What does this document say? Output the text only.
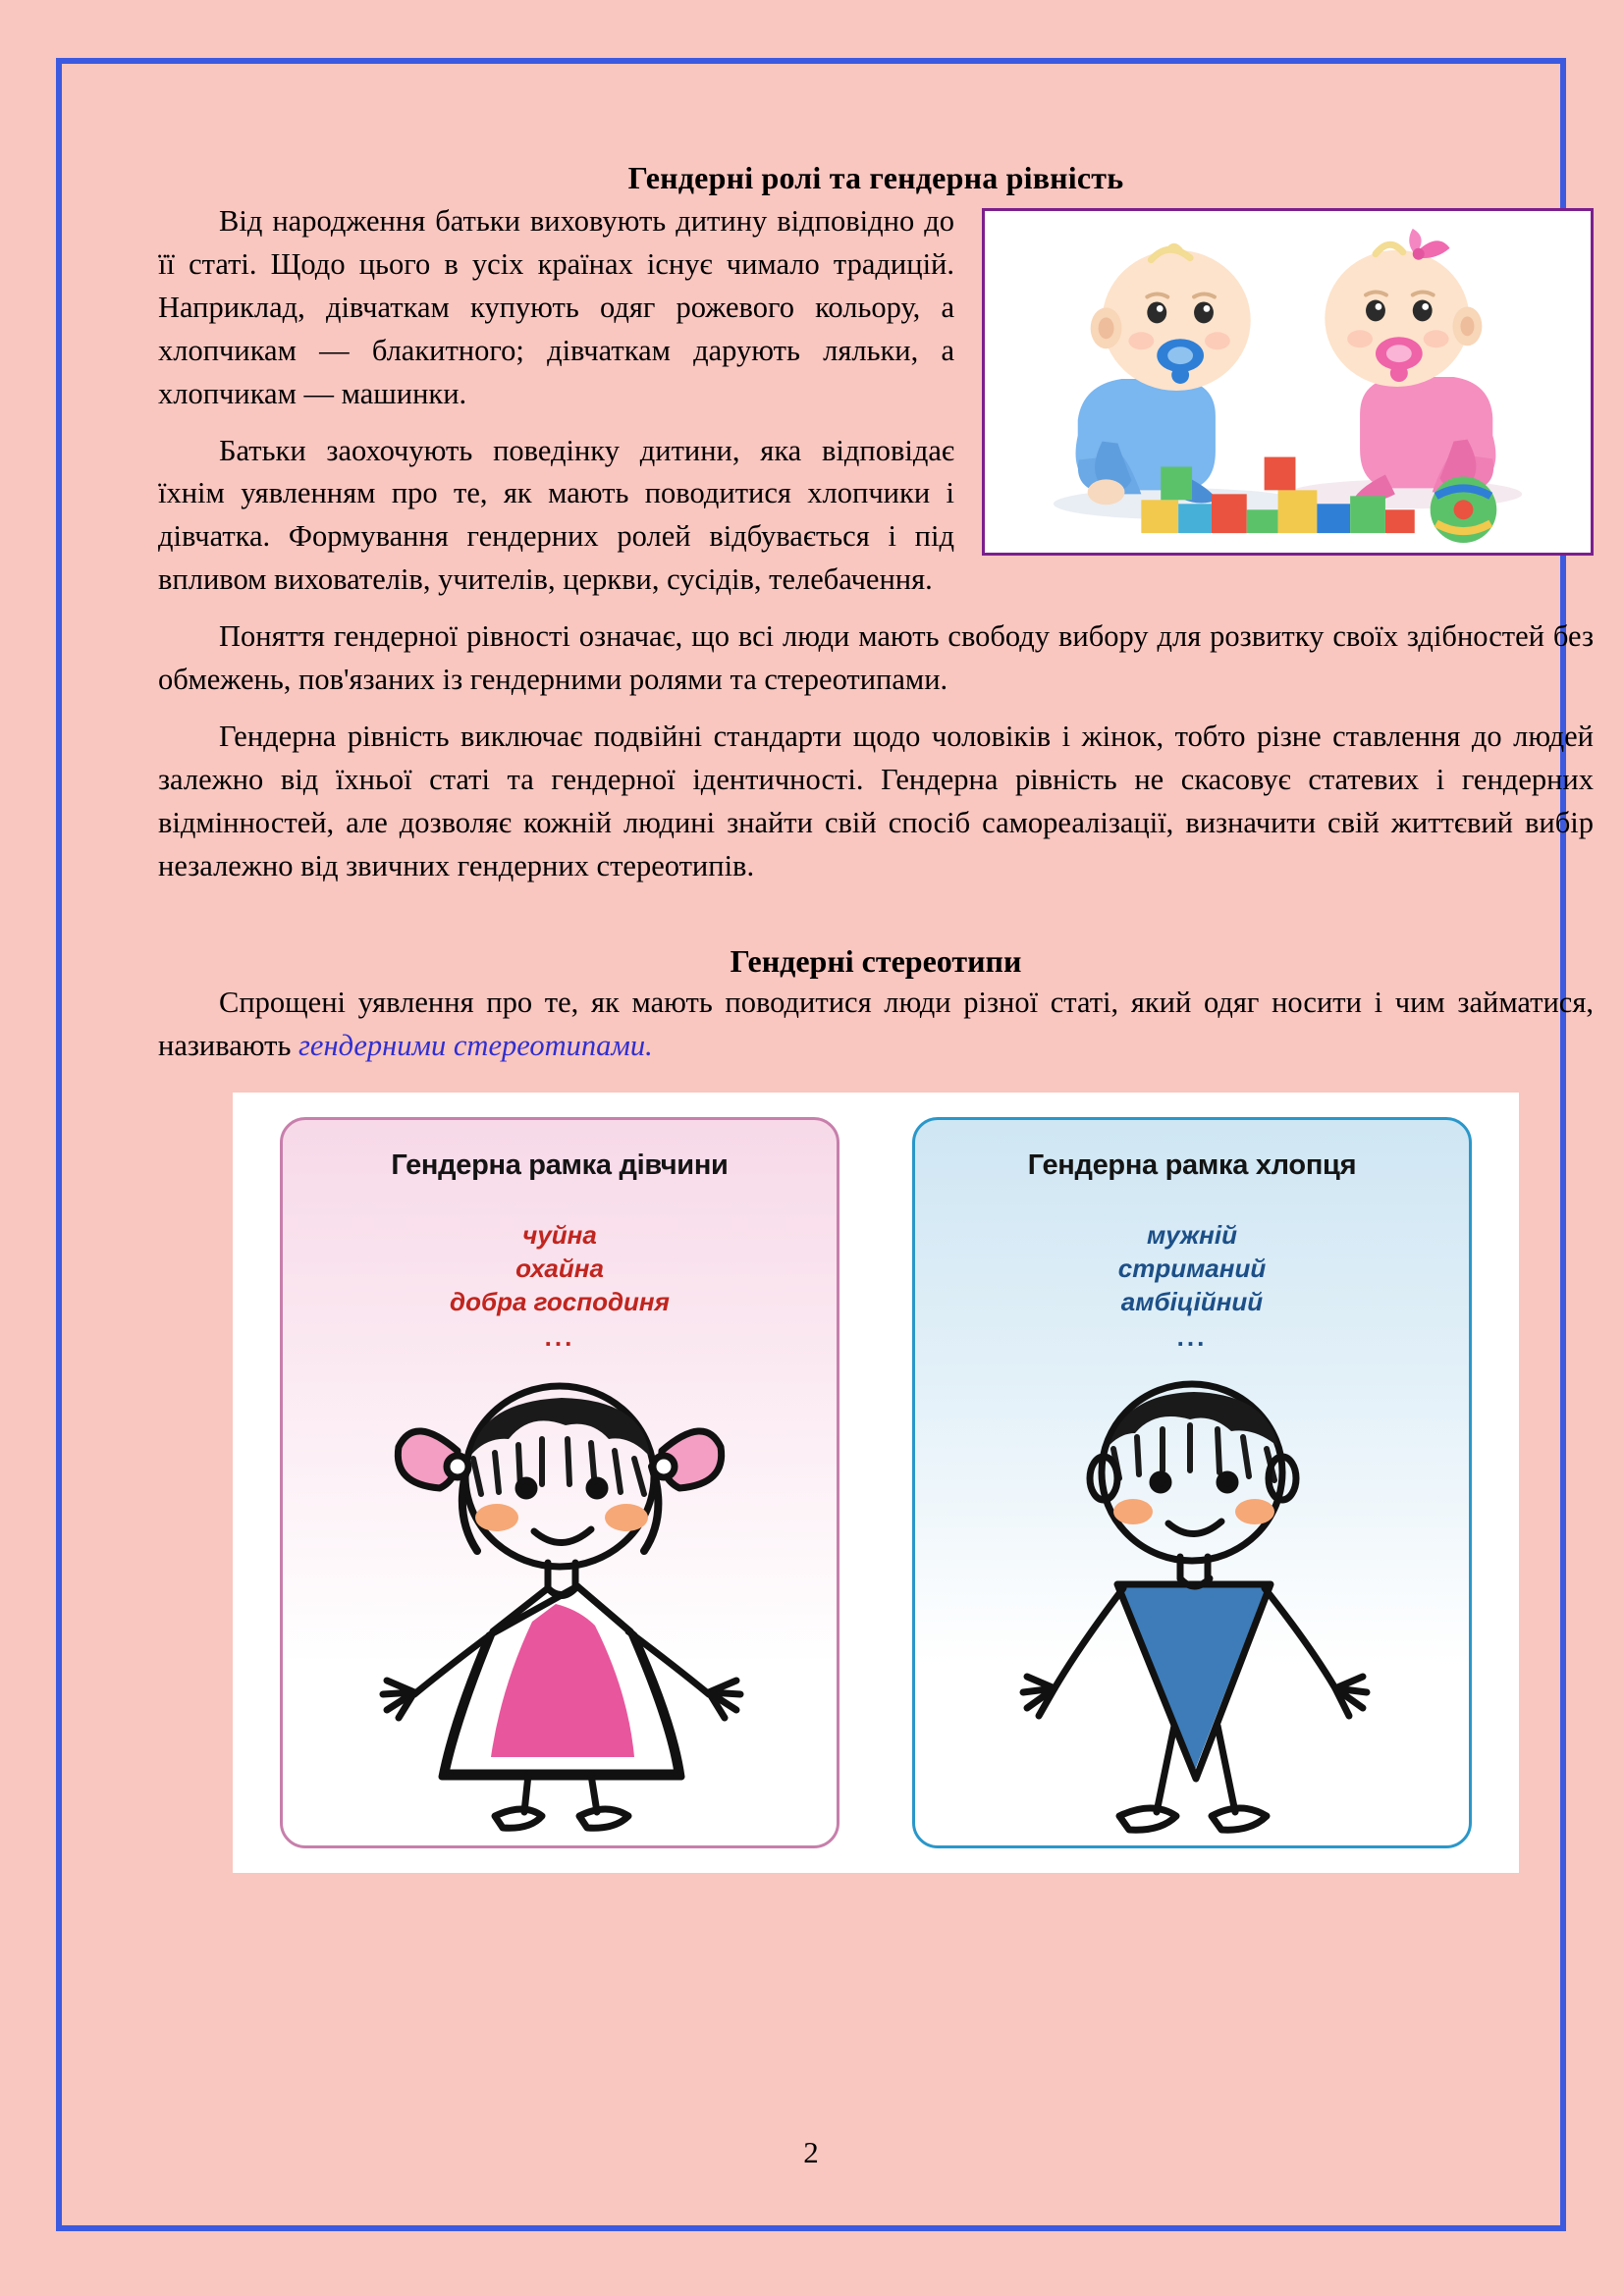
Гендерні ролі та гендерна рівність

Від народження батьки виховують дитину відповідно до її статі. Щодо цього в усіх країнах існує чимало традицій. Наприклад, дівчаткам купують одяг рожевого кольору, а хлопчикам — блакитного; дівчаткам дарують ляльки, а хлопчикам — машинки.

Батьки заохочують поведінку дитини, яка відповідає їхнім уявленням про те, як мають поводитися хлопчики і дівчатка. Формування гендерних ролей відбувається і під впливом вихователів, учителів, церкви, сусідів, телебачення.

Поняття гендерної рівності означає, що всі люди мають свободу вибору для розвитку своїх здібностей без обмежень, пов'язаних із гендерними ролями та стереотипами.

Гендерна рівність виключає подвійні стандарти щодо чоловіків і жінок, тобто різне ставлення до людей залежно від їхньої статі та гендерної ідентичності. Гендерна рівність не скасовує статевих і гендерних відмінностей, але дозволяє кожній людині знайти свій спосіб самореалізації, визначити свій життєвий вибір незалежно від звичних гендерних стереотипів.

Гендерні стереотипи

Спрощені уявлення про те, як мають поводитися люди різної статі, який одяг носити і чим займатися, називають гендерними стереотипами.

Гендерна рамка дівчини
чуйна
охайна
добра господиня
...
Гендерна рамка хлопця
мужній
стриманий
амбіційний
...
2
